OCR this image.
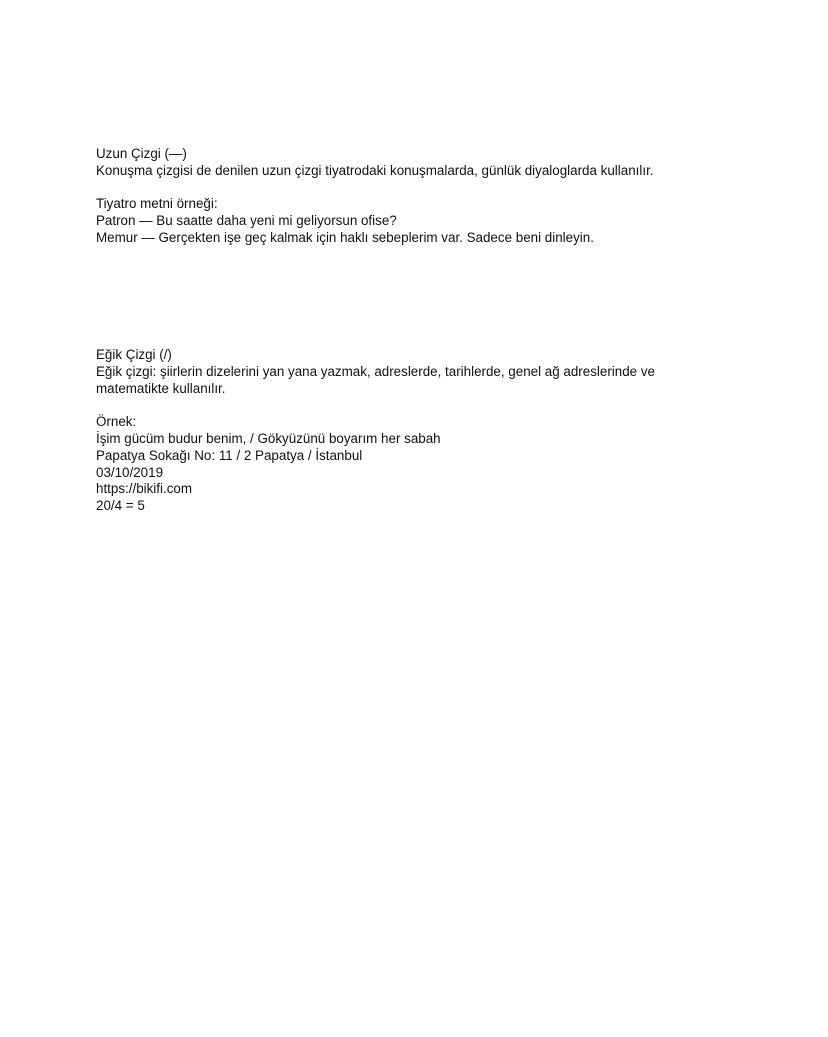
Uzun Çizgi (—)
Konuşma çizgisi de denilen uzun çizgi tiyatrodaki konuşmalarda, günlük diyaloglarda kullanılır.
Tiyatro metni örneği:
Patron — Bu saatte daha yeni mi geliyorsun ofise?
Memur — Gerçekten işe geç kalmak için haklı sebeplerim var. Sadece beni dinleyin.
Eğik Çizgi (/)
Eğik çizgi: şiirlerin dizelerini yan yana yazmak, adreslerde, tarihlerde, genel ağ adreslerinde ve matematikte kullanılır.
Örnek:
İşim gücüm budur benim, / Gökyüzünü boyarım her sabah
Papatya Sokağı No: 11 / 2 Papatya / İstanbul
03/10/2019
https://bikifi.com
20/4 = 5
